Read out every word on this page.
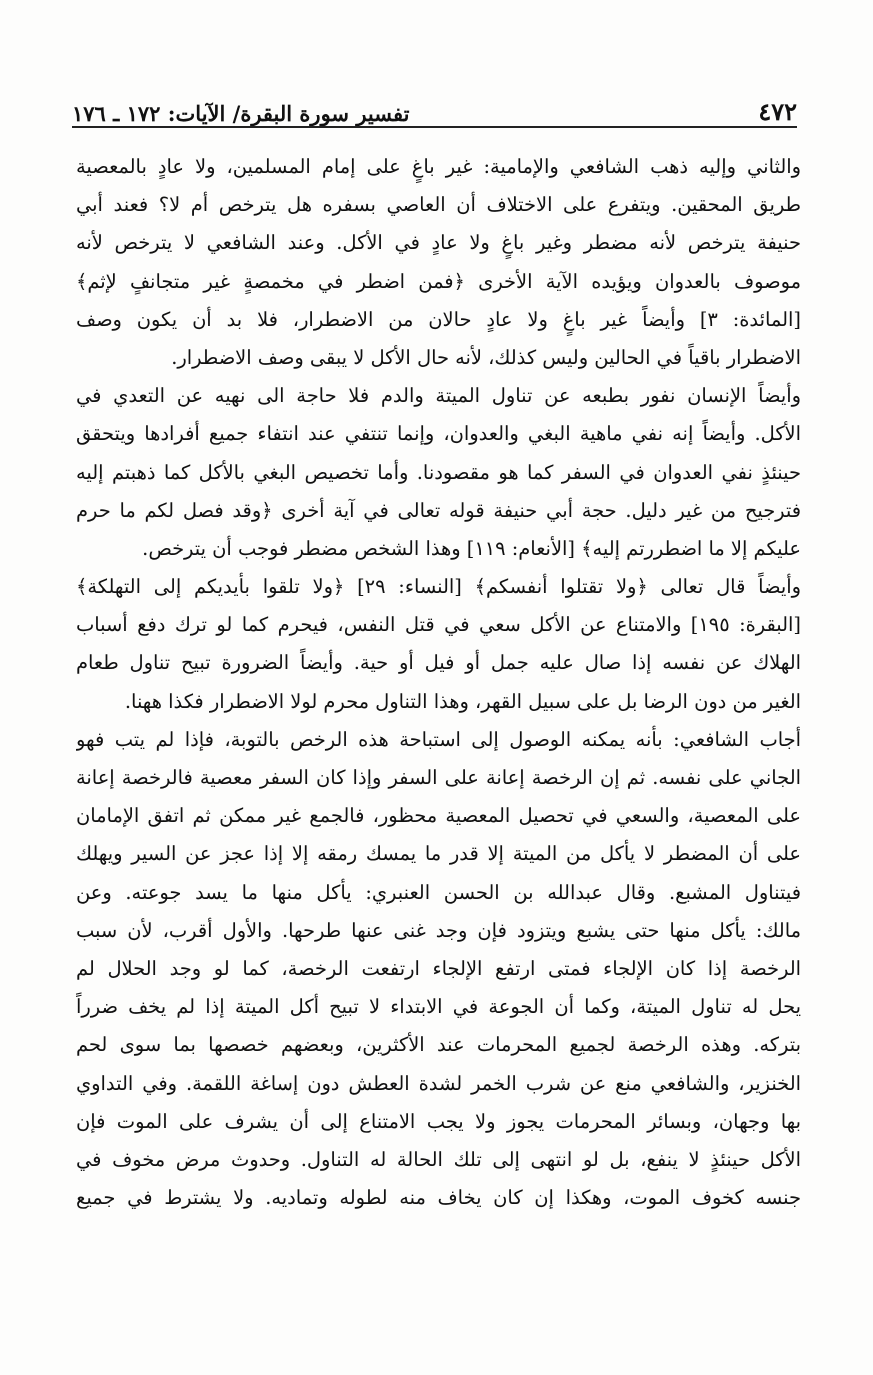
٤٧٢
تفسير سورة البقرة/ الآيات: ١٧٢ ـ ١٧٦
والثاني وإليه ذهب الشافعي والإمامية: غير باغٍ على إمام المسلمين، ولا عادٍ بالمعصية
طريق المحقين. ويتفرع على الاختلاف أن العاصي بسفره هل يترخص أم لا؟ فعند أبي
حنيفة يترخص لأنه مضطر وغير باغٍ ولا عادٍ في الأكل. وعند الشافعي لا يترخص لأنه
موصوف بالعدوان ويؤيده الآية الأخرى ﴿فمن اضطر في مخمصةٍ غير متجانفٍ لإثم﴾
[المائدة: ٣] وأيضاً غير باغٍ ولا عادٍ حالان من الاضطرار، فلا بد أن يكون وصف
الاضطرار باقياً في الحالين وليس كذلك، لأنه حال الأكل لا يبقى وصف الاضطرار.
وأيضاً الإنسان نفور بطبعه عن تناول الميتة والدم فلا حاجة الى نهيه عن التعدي في
الأكل. وأيضاً إنه نفي ماهية البغي والعدوان، وإنما تنتفي عند انتفاء جميع أفرادها ويتحقق
حينئذٍ نفي العدوان في السفر كما هو مقصودنا. وأما تخصيص البغي بالأكل كما ذهبتم إليه
فترجيح من غير دليل. حجة أبي حنيفة قوله تعالى في آية أخرى ﴿وقد فصل لكم ما حرم
عليكم إلا ما اضطررتم إليه﴾ [الأنعام: ١١٩] وهذا الشخص مضطر فوجب أن يترخص.
وأيضاً قال تعالى ﴿ولا تقتلوا أنفسكم﴾ [النساء: ٢٩] ﴿ولا تلقوا بأيديكم إلى التهلكة﴾
[البقرة: ١٩٥] والامتناع عن الأكل سعي في قتل النفس، فيحرم كما لو ترك دفع أسباب
الهلاك عن نفسه إذا صال عليه جمل أو فيل أو حية. وأيضاً الضرورة تبيح تناول طعام
الغير من دون الرضا بل على سبيل القهر، وهذا التناول محرم لولا الاضطرار فكذا ههنا.
أجاب الشافعي: بأنه يمكنه الوصول إلى استباحة هذه الرخص بالتوبة، فإذا لم يتب فهو
الجاني على نفسه. ثم إن الرخصة إعانة على السفر وإذا كان السفر معصية فالرخصة إعانة
على المعصية، والسعي في تحصيل المعصية محظور، فالجمع غير ممكن ثم اتفق الإمامان
على أن المضطر لا يأكل من الميتة إلا قدر ما يمسك رمقه إلا إذا عجز عن السير ويهلك
فيتناول المشبع. وقال عبدالله بن الحسن العنبري: يأكل منها ما يسد جوعته. وعن
مالك: يأكل منها حتى يشبع ويتزود فإن وجد غنى عنها طرحها. والأول أقرب، لأن سبب
الرخصة إذا كان الإلجاء فمتى ارتفع الإلجاء ارتفعت الرخصة، كما لو وجد الحلال لم
يحل له تناول الميتة، وكما أن الجوعة في الابتداء لا تبيح أكل الميتة إذا لم يخف ضرراً
بتركه. وهذه الرخصة لجميع المحرمات عند الأكثرين، وبعضهم خصصها بما سوى لحم
الخنزير، والشافعي منع عن شرب الخمر لشدة العطش دون إساغة اللقمة. وفي التداوي
بها وجهان، وبسائر المحرمات يجوز ولا يجب الامتناع إلى أن يشرف على الموت فإن
الأكل حينئذٍ لا ينفع، بل لو انتهى إلى تلك الحالة له التناول. وحدوث مرض مخوف في
جنسه كخوف الموت، وهكذا إن كان يخاف منه لطوله وتماديه. ولا يشترط في جميع
